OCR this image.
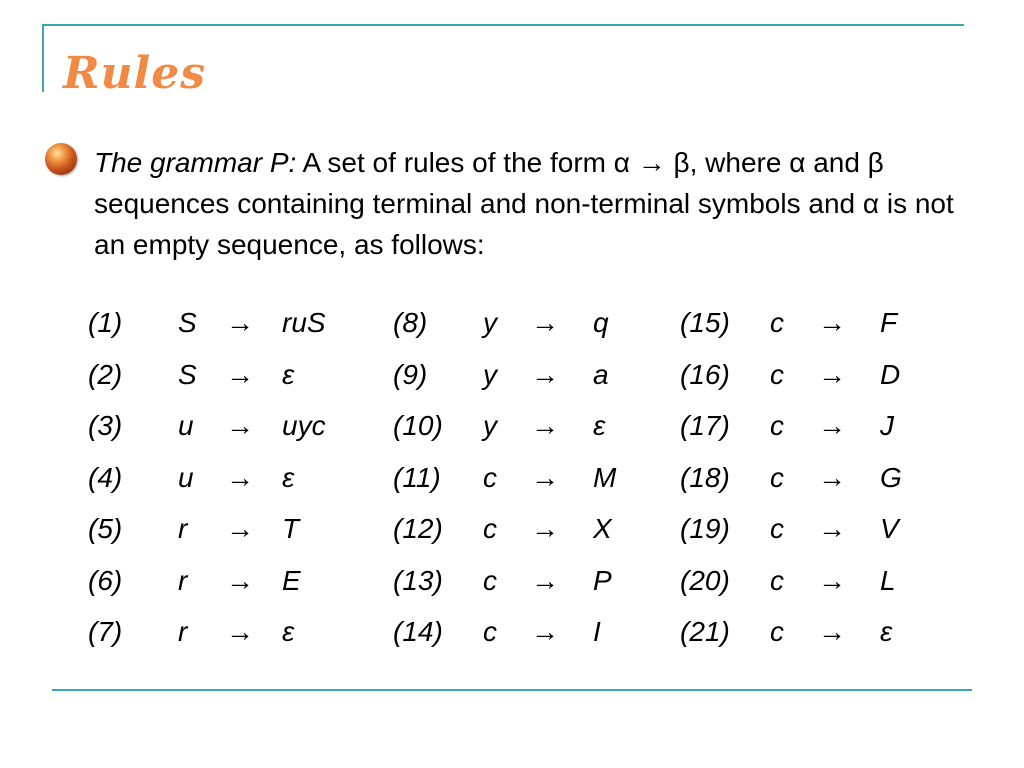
Rules

The grammar P: A set of rules of the form α → β, where α and β sequences containing terminal and non-terminal symbols and α is not an empty sequence, as follows:

(1) S → ruS
(2) S → ε
(3) u → uyc
(4) u → ε
(5) r → T
(6) r → E
(7) r → ε
(8) y → q
(9) y → a
(10) y → ε
(11) c → M
(12) c → X
(13) c → P
(14) c → I
(15) c → F
(16) c → D
(17) c → J
(18) c → G
(19) c → V
(20) c → L
(21) c → ε
